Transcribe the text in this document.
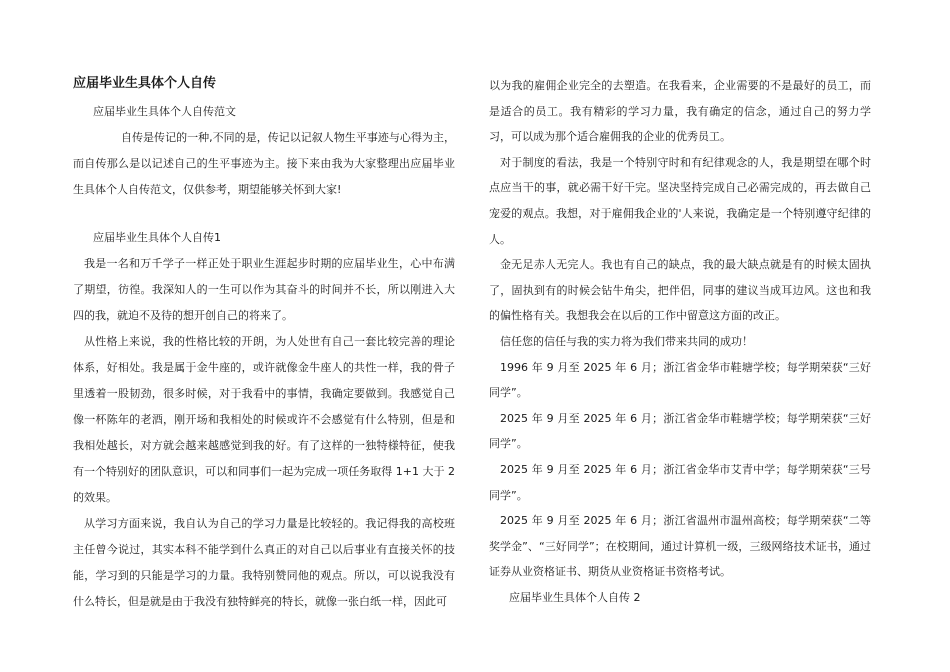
应届毕业生具体个人自传

应届毕业生具体个人自传范文

自传是传记的一种,不同的是，传记以记叙人物生平事迹与心得为主，而自传那么是以记述自己的生平事迹为主。接下来由我为大家整理出应届毕业生具体个人自传范文，仅供参考，期望能够关怀到大家!

应届毕业生具体个人自传1

我是一名和万千学子一样正处于职业生涯起步时期的应届毕业生，心中布满了期望，彷徨。我深知人的一生可以作为其奋斗的时间并不长，所以刚进入大四的我，就迫不及待的想开创自己的将来了。

从性格上来说，我的性格比较的开朗，为人处世有自己一套比较完善的理论体系，好相处。我是属于金牛座的，或许就像金牛座人的共性一样，我的骨子里透着一股韧劲，很多时候，对于我看中的事情，我确定要做到。我感觉自己像一杯陈年的老酒，刚开场和我相处的时候或许不会感觉有什么特别，但是和我相处越长，对方就会越来越感觉到我的好。有了这样的一独特様特征，使我有一个特别好的团队意识，可以和同事们一起为完成一项任务取得 1+1 大于 2 的效果。

从学习方面来说，我自认为自己的学习力量是比较轻的。我记得我的高校班主任曾今说过，其实本科不能学到什么真正的对自己以后事业有直接关怀的技能，学习到的只能是学习的力量。我特别赞同他的观点。所以，可以说我没有什么特长，但是就是由于我没有独特鲜亮的特长，就像一张白纸一样，因此可

以为我的雇佣企业完全的去塑造。在我看来，企业需要的不是最好的员工，而是适合的员工。我有精彩的学习力量，我有确定的信念，通过自己的努力学习，可以成为那个适合雇佣我的企业的优秀员工。

对于制度的看法，我是一个特别守时和有纪律观念的人，我是期望在哪个时点应当干的事，就必需干好干完。坚决坚持完成自己必需完成的，再去做自己宠爱的观点。我想，对于雇佣我企业的'人来说，我确定是一个特别遵守纪律的人。

金无足赤人无完人。我也有自己的缺点，我的最大缺点就是有的时候太固执了，固执到有的时候会钻牛角尖，把伴侣，同事的建议当成耳边风。这也和我的偏性格有关。我想我会在以后的工作中留意这方面的改正。

信任您的信任与我的实力将为我们带来共同的成功！

1996 年 9 月至 2025 年 6 月；浙江省金华市鞋塘学校；每学期荣获“三好同学”。

2025 年 9 月至 2025 年 6 月；浙江省金华市鞋塘学校；每学期荣获“三好同学”。

2025 年 9 月至 2025 年 6 月；浙江省金华市艾青中学；每学期荣获“三号同学”。

2025 年 9 月至 2025 年 6 月；浙江省温州市温州高校；每学期荣获“二等奖学金”、“三好同学”；在校期间，通过计算机一级，三级网络技术证书，通过证券从业资格证书、期货从业资格证书资格考试。

应届毕业生具体个人自传 2
